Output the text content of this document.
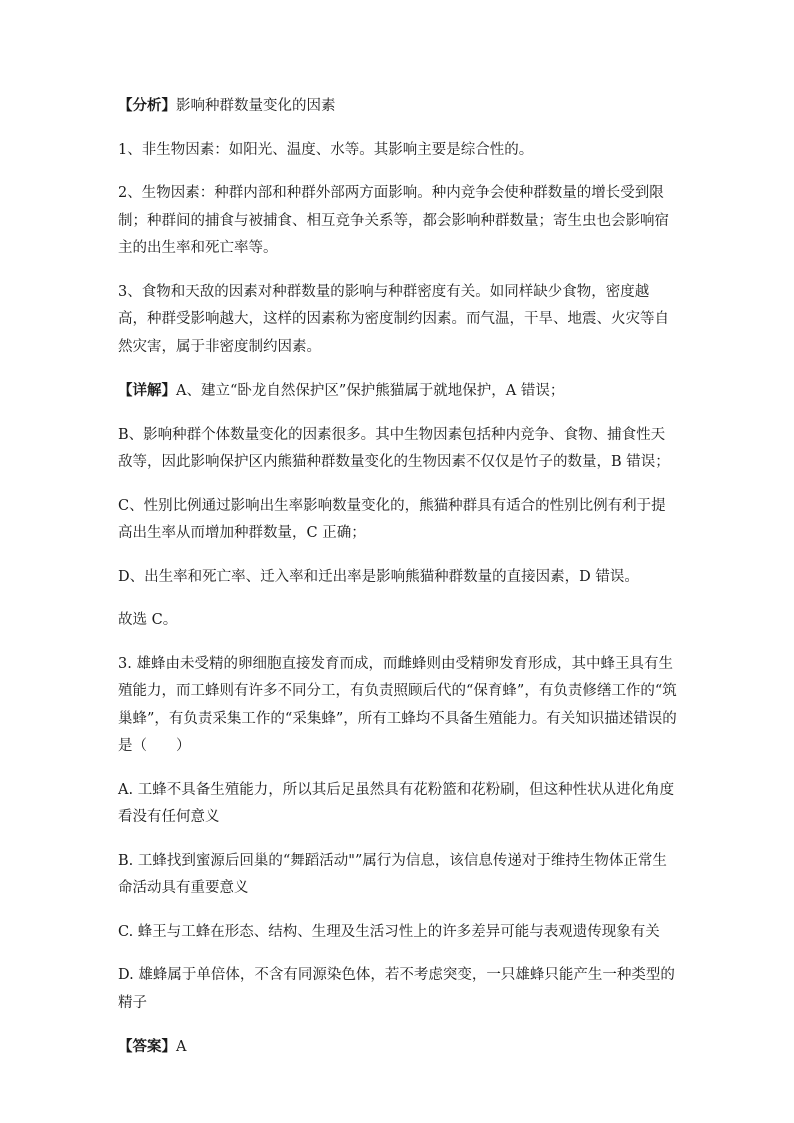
【分析】影响种群数量变化的因素

1、非生物因素：如阳光、温度、水等。其影响主要是综合性的。

2、生物因素：种群内部和种群外部两方面影响。种内竞争会使种群数量的增长受到限制；种群间的捕食与被捕食、相互竞争关系等，都会影响种群数量；寄生虫也会影响宿主的出生率和死亡率等。

3、食物和天敌的因素对种群数量的影响与种群密度有关。如同样缺少食物，密度越高，种群受影响越大，这样的因素称为密度制约因素。而气温，干旱、地震、火灾等自然灾害，属于非密度制约因素。

【详解】A、建立“卧龙自然保护区”保护熊猫属于就地保护，A 错误；

B、影响种群个体数量变化的因素很多。其中生物因素包括种内竞争、食物、捕食性天敌等，因此影响保护区内熊猫种群数量变化的生物因素不仅仅是竹子的数量，B 错误；

C、性别比例通过影响出生率影响数量变化的，熊猫种群具有适合的性别比例有利于提高出生率从而增加种群数量，C 正确；

D、出生率和死亡率、迁入率和迁出率是影响熊猫种群数量的直接因素，D 错误。

故选 C。

3. 雄蜂由未受精的卵细胞直接发育而成，而雌蜂则由受精卵发育形成，其中蜂王具有生殖能力，而工蜂则有许多不同分工，有负责照顾后代的“保育蜂”，有负责修缮工作的“筑巢蜂”，有负责采集工作的“采集蜂”，所有工蜂均不具备生殖能力。有关知识描述错误的是（　　）

A. 工蜂不具备生殖能力，所以其后足虽然具有花粉篮和花粉刷，但这种性状从进化角度看没有任何意义

B. 工蜂找到蜜源后回巢的“舞蹈活动"”属行为信息，该信息传递对于维持生物体正常生命活动具有重要意义

C. 蜂王与工蜂在形态、结构、生理及生活习性上的许多差异可能与表观遗传现象有关

D. 雄蜂属于单倍体，不含有同源染色体，若不考虑突变，一只雄蜂只能产生一种类型的精子

【答案】A
